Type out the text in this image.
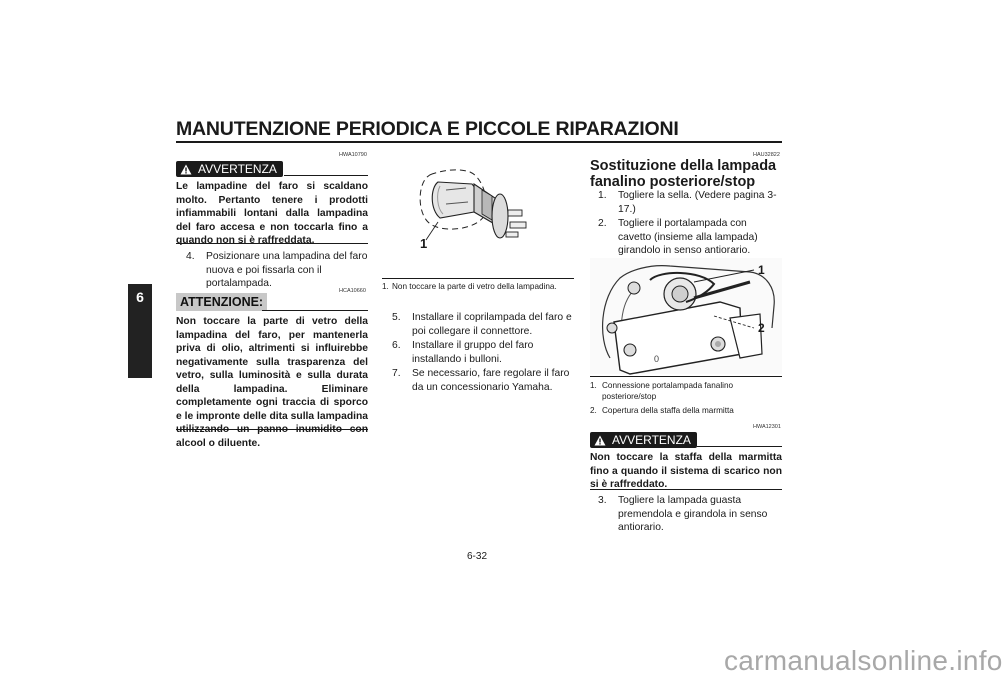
MANUTENZIONE PERIODICA E PICCOLE RIPARAZIONI
6
HWA10790
AVVERTENZA
Le lampadine del faro si scaldano molto. Pertanto tenere i prodotti infiammabili lontani dalla lampadina del faro accesa e non toccarla fino a quando non si è raffreddata.
4.	Posizionare una lampadina del faro nuova e poi fissarla con il portalampada.
HCA10660
ATTENZIONE:
Non toccare la parte di vetro della lampadina del faro, per mantenerla priva di olio, altrimenti si influirebbe negativamente sulla trasparenza del vetro, sulla luminosità e sulla durata della lampadina. Eliminare completamente ogni traccia di sporco e le impronte delle dita sulla lampadina utilizzando un panno inumidito con alcool o diluente.
1
1. Non toccare la parte di vetro della lampadina.
5.	Installare il coprilampada del faro e poi collegare il connettore.
6.	Installare il gruppo del faro installando i bulloni.
7.	Se necessario, fare regolare il faro da un concessionario Yamaha.
HAU32822
Sostituzione della lampada fanalino posteriore/stop
1.	Togliere la sella. (Vedere pagina 3-17.)
2.	Togliere il portalampada con cavetto (insieme alla lampada) girandolo in senso antiorario.
0
1
2
1. Connessione portalampada fanalino posteriore/stop
2. Copertura della staffa della marmitta
HWA12301
AVVERTENZA
Non toccare la staffa della marmitta fino a quando il sistema di scarico non si è raffreddato.
3.	Togliere la lampada guasta premendola e girandola in senso antiorario.
6-32
carmanualsonline.info
